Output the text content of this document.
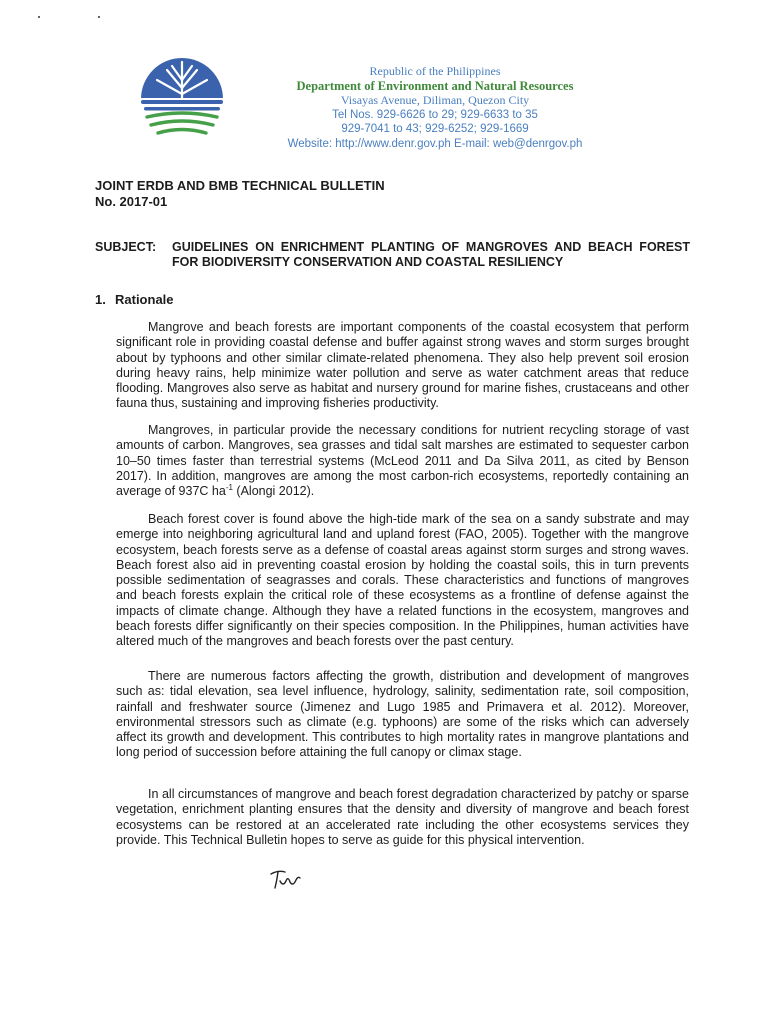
Republic of the Philippines
Department of Environment and Natural Resources
Visayas Avenue, Diliman, Quezon City
Tel Nos. 929-6626 to 29; 929-6633 to 35
929-7041 to 43; 929-6252; 929-1669
Website: http://www.denr.gov.ph E-mail: web@denrgov.ph
JOINT ERDB AND BMB TECHNICAL BULLETIN
No. 2017-01
SUBJECT: GUIDELINES ON ENRICHMENT PLANTING OF MANGROVES AND BEACH FOREST FOR BIODIVERSITY CONSERVATION AND COASTAL RESILIENCY
1. Rationale

Mangrove and beach forests are important components of the coastal ecosystem that perform significant role in providing coastal defense and buffer against strong waves and storm surges brought about by typhoons and other similar climate-related phenomena. They also help prevent soil erosion during heavy rains, help minimize water pollution and serve as water catchment areas that reduce flooding. Mangroves also serve as habitat and nursery ground for marine fishes, crustaceans and other fauna thus, sustaining and improving fisheries productivity.

Mangroves, in particular provide the necessary conditions for nutrient recycling storage of vast amounts of carbon. Mangroves, sea grasses and tidal salt marshes are estimated to sequester carbon 10–50 times faster than terrestrial systems (McLeod 2011 and Da Silva 2011, as cited by Benson 2017). In addition, mangroves are among the most carbon-rich ecosystems, reportedly containing an average of 937C $ha^{-1}$ (Alongi 2012).

Beach forest cover is found above the high-tide mark of the sea on a sandy substrate and may emerge into neighboring agricultural land and upland forest (FAO, 2005). Together with the mangrove ecosystem, beach forests serve as a defense of coastal areas against storm surges and strong waves. Beach forest also aid in preventing coastal erosion by holding the coastal soils, this in turn prevents possible sedimentation of seagrasses and corals. These characteristics and functions of mangroves and beach forests explain the critical role of these ecosystems as a frontline of defense against the impacts of climate change. Although they have a related functions in the ecosystem, mangroves and beach forests differ significantly on their species composition. In the Philippines, human activities have altered much of the mangroves and beach forests over the past century.

There are numerous factors affecting the growth, distribution and development of mangroves such as: tidal elevation, sea level influence, hydrology, salinity, sedimentation rate, soil composition, rainfall and freshwater source (Jimenez and Lugo 1985 and Primavera et al. 2012). Moreover, environmental stressors such as climate (e.g. typhoons) are some of the risks which can adversely affect its growth and development. This contributes to high mortality rates in mangrove plantations and long period of succession before attaining the full canopy or climax stage.

In all circumstances of mangrove and beach forest degradation characterized by patchy or sparse vegetation, enrichment planting ensures that the density and diversity of mangrove and beach forest ecosystems can be restored at an accelerated rate including the other ecosystems services they provide. This Technical Bulletin hopes to serve as guide for this physical intervention.
